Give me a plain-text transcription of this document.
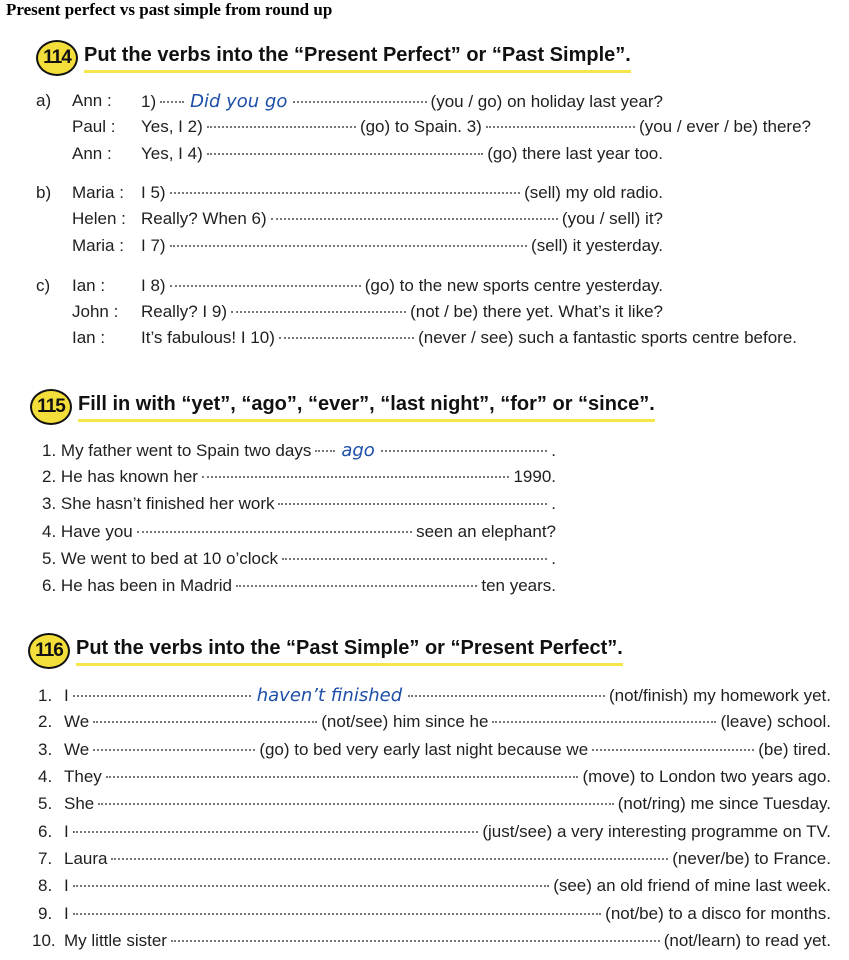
Present perfect vs past simple from round up
114 Put the verbs into the “Present Perfect” or “Past Simple”.
a) Ann : 1) Did you go	(you / go) on holiday last year?
Paul : Yes, I 2)	(go) to Spain. 3)	(you / ever / be) there?
Ann : Yes, I 4)	(go) there last year too.
b) Maria : I 5)	(sell) my old radio.
Helen : Really? When 6)	(you / sell) it?
Maria : I 7)	(sell) it yesterday.
c) Ian : I 8)	(go) to the new sports centre yesterday.
John : Really? I 9)	(not / be) there yet. What’s it like?
Ian : It’s fabulous! I 10)	(never / see) such a fantastic sports centre before.
115 Fill in with “yet”, “ago”, “ever”, “last night”, “for” or “since”.
1.
My father went to Spain two days ago	.
2.
He has known her	1990.
3.
She hasn’t finished her work	.
4.
Have you	seen an elephant?
5.
We went to bed at 10 o’clock	.
6.
He has been in Madrid	ten years.
116 Put the verbs into the “Past Simple” or “Present Perfect”.
1. I	haven’t finished	(not/finish) my homework yet.
2. We	(not/see) him since he	(leave) school.
3. We	(go) to bed very early last night because we	(be) tired.
4. They	(move) to London two years ago.
5. She	(not/ring) me since Tuesday.
6. I	(just/see) a very interesting programme on TV.
7. Laura	(never/be) to France.
8. I	(see) an old friend of mine last week.
9. I	(not/be) to a disco for months.
10. My little sister	(not/learn) to read yet.
